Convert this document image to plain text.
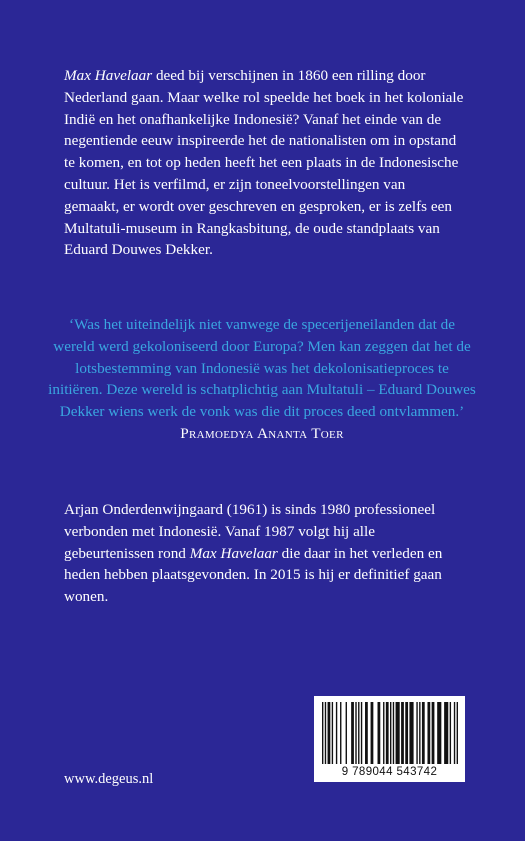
Max Havelaar deed bij verschijnen in 1860 een rilling door Nederland gaan. Maar welke rol speelde het boek in het koloniale Indië en het onafhankelijke Indonesië? Vanaf het einde van de negentiende eeuw inspireerde het de nationalisten om in opstand te komen, en tot op heden heeft het een plaats in de Indonesische cultuur. Het is verfilmd, er zijn toneelvoorstellingen van gemaakt, er wordt over geschreven en gesproken, er is zelfs een Multatuli-museum in Rangkasbitung, de oude standplaats van Eduard Douwes Dekker.

‘Was het uiteindelijk niet vanwege de specerijeneilanden dat de wereld werd gekoloniseerd door Europa? Men kan zeggen dat het de lotsbestemming van Indonesië was het dekolonisatieproces te initiëren. Deze wereld is schatplichtig aan Multatuli – Eduard Douwes Dekker wiens werk de vonk was die dit proces deed ontvlammen.’

Pramoedya Ananta Toer

Arjan Onderdenwijngaard (1961) is sinds 1980 professioneel verbonden met Indonesië. Vanaf 1987 volgt hij alle gebeurtenissen rond Max Havelaar die daar in het verleden en heden hebben plaatsgevonden. In 2015 is hij er definitief gaan wonen.

www.degeus.nl	9 789044 543742
